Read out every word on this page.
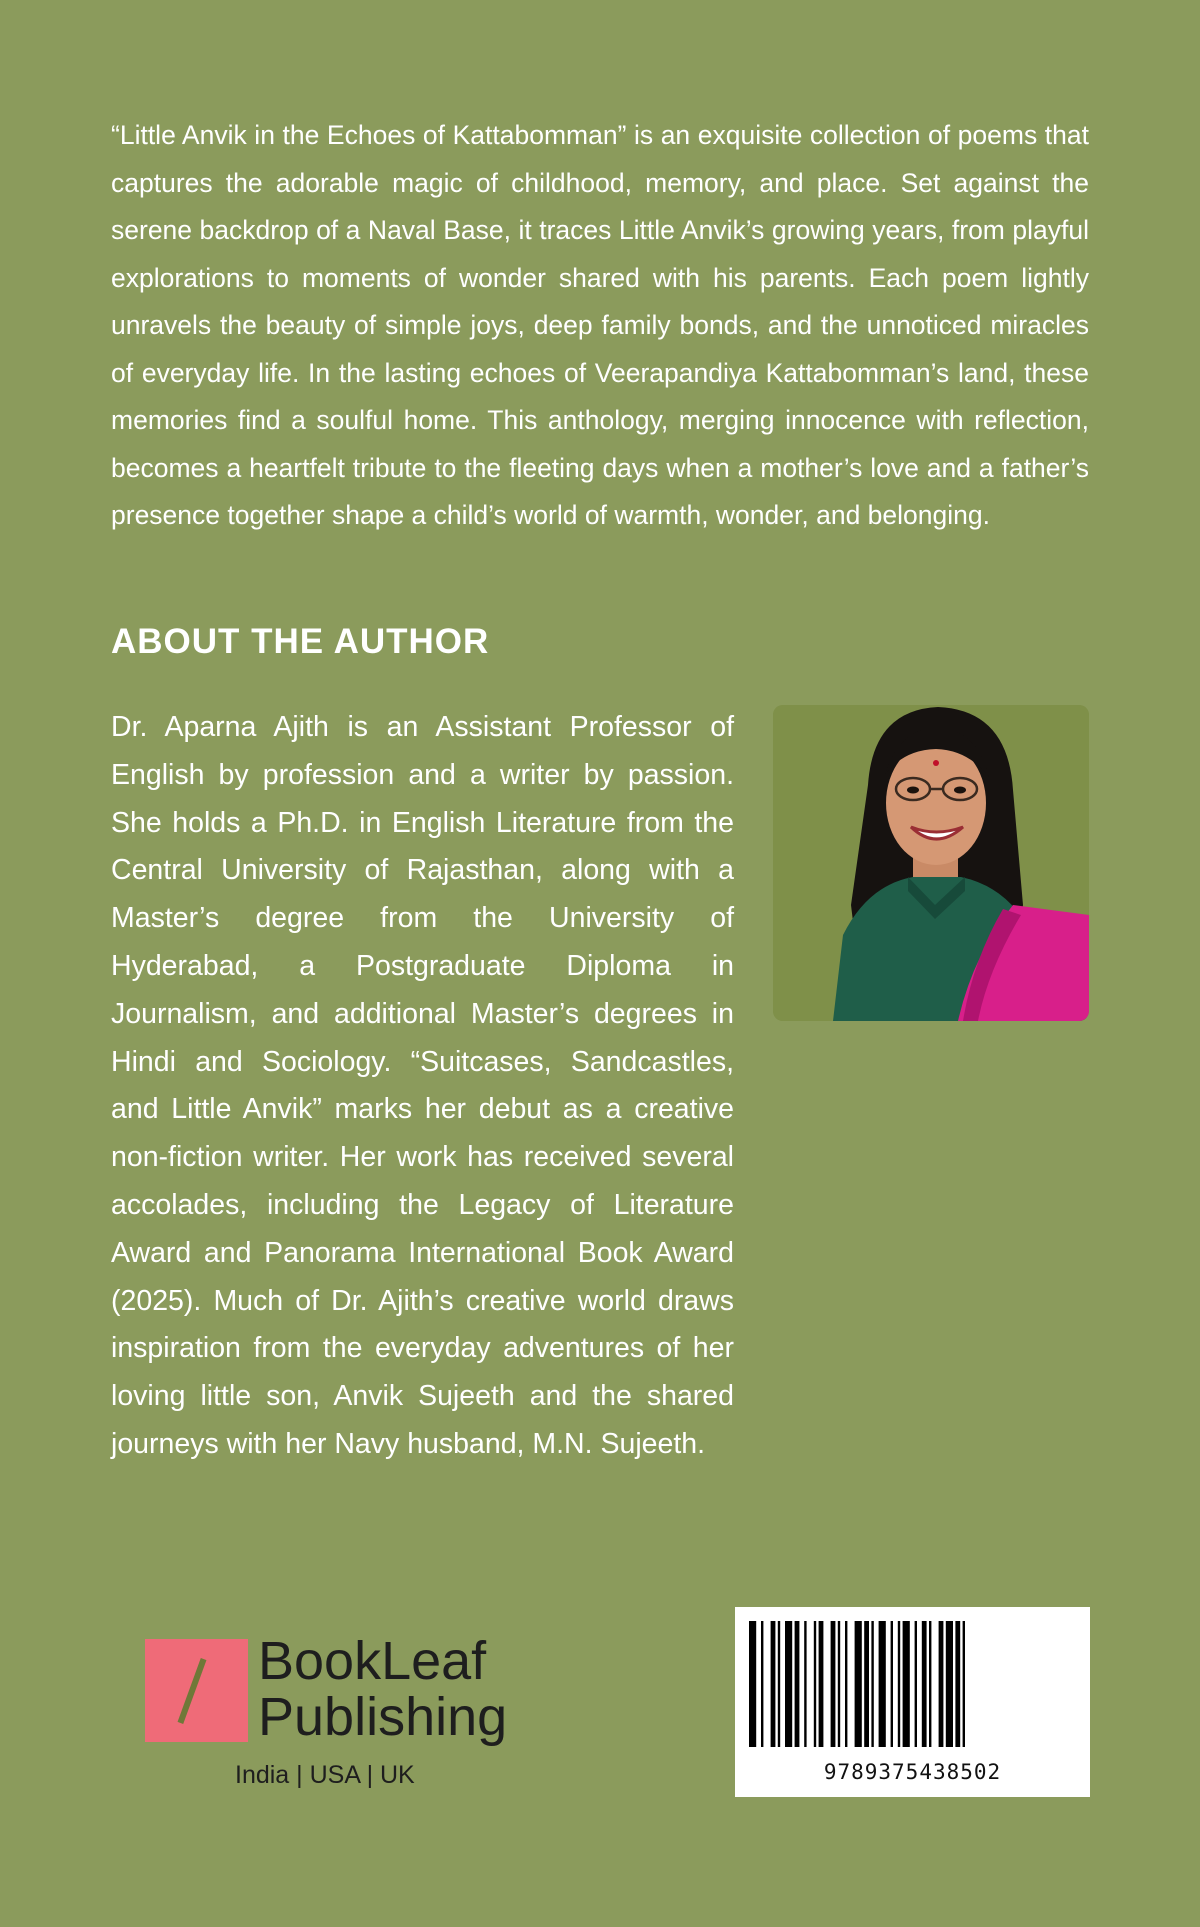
“Little Anvik in the Echoes of Kattabomman” is an exquisite collection of poems that captures the adorable magic of childhood, memory, and place. Set against the serene backdrop of a Naval Base, it traces Little Anvik’s growing years, from playful explorations to moments of wonder shared with his parents. Each poem lightly unravels the beauty of simple joys, deep family bonds, and the unnoticed miracles of everyday life. In the lasting echoes of Veerapandiya Kattabomman’s land, these memories find a soulful home. This anthology, merging innocence with reflection, becomes a heartfelt tribute to the fleeting days when a mother’s love and a father’s presence together shape a child’s world of warmth, wonder, and belonging.

ABOUT THE AUTHOR

Dr. Aparna Ajith is an Assistant Professor of English by profession and a writer by passion. She holds a Ph.D. in English Literature from the Central University of Rajasthan, along with a Master’s degree from the University of Hyderabad, a Postgraduate Diploma in Journalism, and additional Master’s degrees in Hindi and Sociology. “Suitcases, Sandcastles, and Little Anvik” marks her debut as a creative non-fiction writer. Her work has received several accolades, including the Legacy of Literature Award and Panorama International Book Award (2025). Much of Dr. Ajith’s creative world draws inspiration from the everyday adventures of her loving little son, Anvik Sujeeth and the shared journeys with her Navy husband, M.N. Sujeeth.

BookLeaf
Publishing
India | USA | UK	9789375438502
